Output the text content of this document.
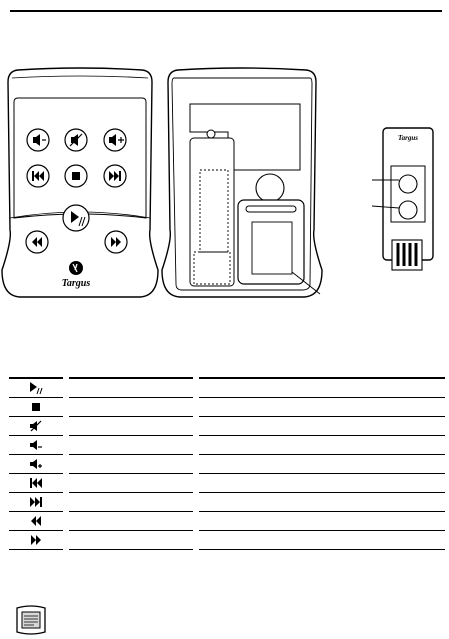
Targus
Targus
